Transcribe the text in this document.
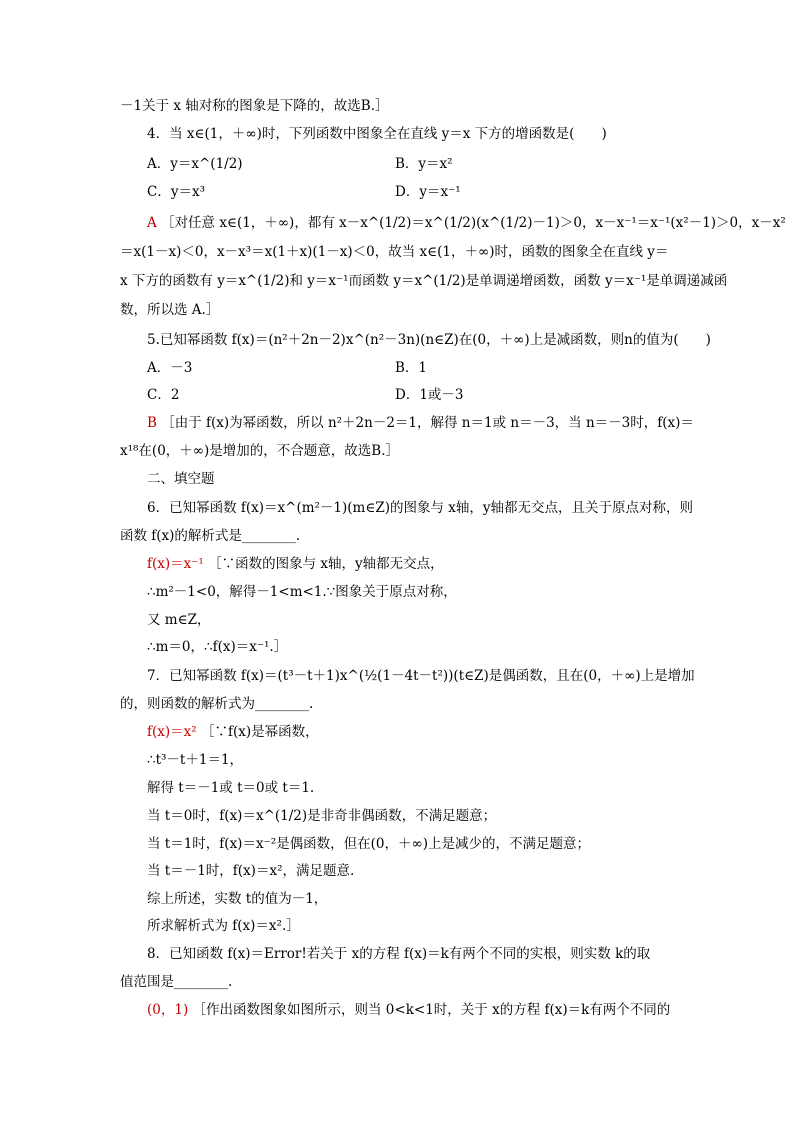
－1关于 x 轴对称的图象是下降的，故选B.］
4．当 x∈(1，＋∞)时，下列函数中图象全在直线 y＝x 下方的增函数是(　　)
A．y＝x^(1/2)	B．y＝x²
C．y＝x³	D．y＝x⁻¹
A ［对任意 x∈(1，＋∞)，都有 x－x^(1/2)＝x^(1/2)(x^(1/2)－1)＞0，x－x⁻¹＝x⁻¹(x²－1)＞0，x－x²
＝x(1－x)＜0，x－x³＝x(1＋x)(1－x)＜0，故当 x∈(1，＋∞)时，函数的图象全在直线 y＝
x 下方的函数有 y＝x^(1/2)和 y＝x⁻¹而函数 y＝x^(1/2)是单调递增函数，函数 y＝x⁻¹是单调递减函
数，所以选 A.］
5.已知幂函数 f(x)＝(n²＋2n－2)x^(n²－3n)(n∈Z)在(0，＋∞)上是减函数，则n的值为(　　)
A．－3	B．1
C．2	D．1或－3
B ［由于 f(x)为幂函数，所以 n²＋2n－2＝1，解得 n＝1或 n＝－3，当 n＝－3时，f(x)＝
x¹⁸在(0，＋∞)是增加的，不合题意，故选B.］
二、填空题
6．已知幂函数 f(x)＝x^(m²－1)(m∈Z)的图象与 x轴，y轴都无交点，且关于原点对称，则
函数 f(x)的解析式是________.
f(x)＝x⁻¹ ［∵函数的图象与 x轴，y轴都无交点，
∴m²－1<0，解得－1<m<1.∵图象关于原点对称，
又 m∈Z，
∴m＝0，∴f(x)＝x⁻¹.］
7．已知幂函数 f(x)＝(t³－t＋1)x^(½(1－4t－t²))(t∈Z)是偶函数，且在(0，＋∞)上是增加
的，则函数的解析式为________.
f(x)＝x² ［∵f(x)是幂函数，
∴t³－t＋1＝1，
解得 t＝－1或 t＝0或 t＝1.
当 t＝0时，f(x)＝x^(1/2)是非奇非偶函数，不满足题意；
当 t＝1时，f(x)＝x⁻²是偶函数，但在(0，＋∞)上是减少的，不满足题意；
当 t＝－1时，f(x)＝x²，满足题意.
综上所述，实数 t的值为－1，
所求解析式为 f(x)＝x².］
8．已知函数 f(x)＝Error!若关于 x的方程 f(x)＝k有两个不同的实根，则实数 k的取
值范围是________.
(0，1) ［作出函数图象如图所示，则当 0<k<1时，关于 x的方程 f(x)＝k有两个不同的
